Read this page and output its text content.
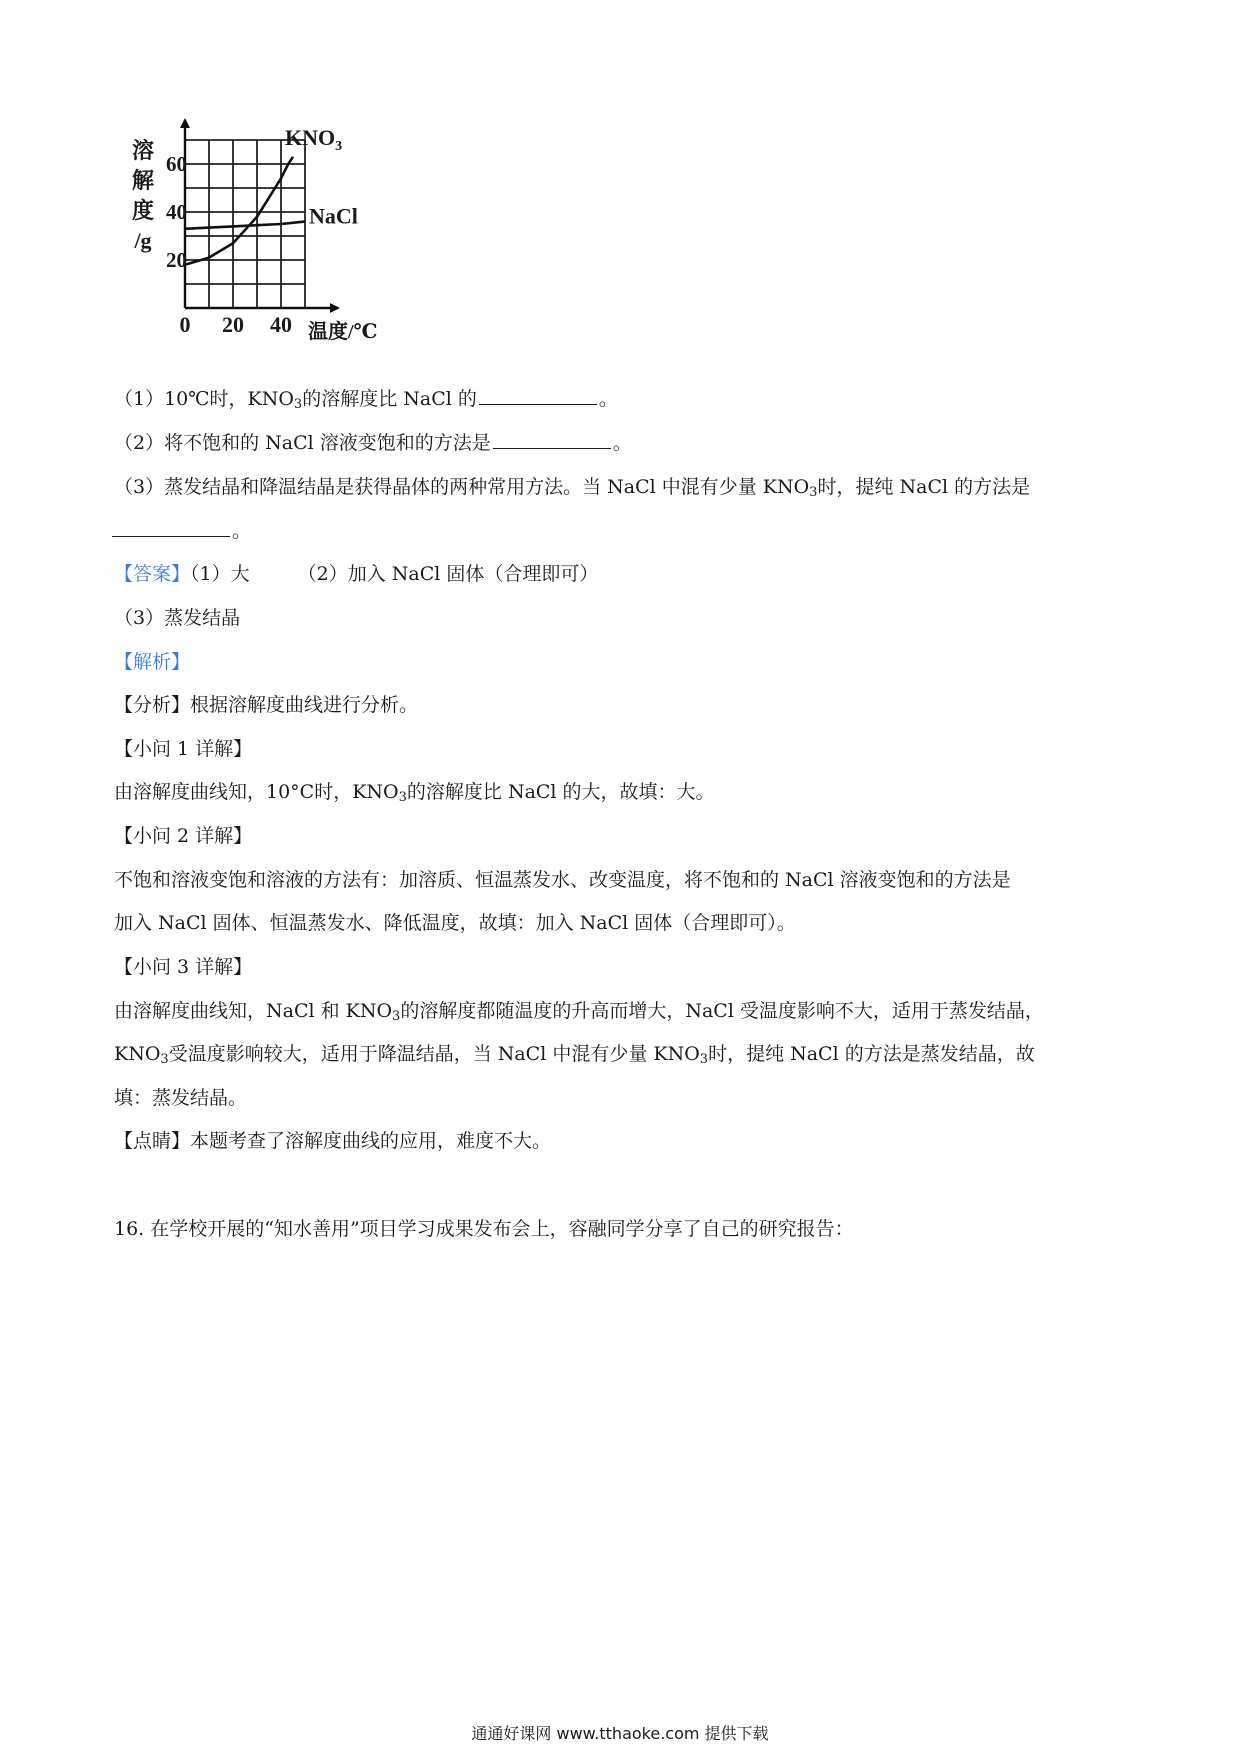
0 20 40
20
40
60
溶
解
度
/g
温度/℃
$KNO_3$
NaCl
（1）10℃时，$KNO_3$的溶解度比 NaCl 的	。
（2）将不饱和的 NaCl 溶液变饱和的方法是	。
（3）蒸发结晶和降温结晶是获得晶体的两种常用方法。当 NaCl 中混有少量 $KNO_3$时，提纯 NaCl 的方法是
。
【答案】（1）大	（2）加入 NaCl 固体（合理即可）
（3）蒸发结晶
【解析】
【分析】根据溶解度曲线进行分析。
【小问 1 详解】
由溶解度曲线知，10°C时，$KNO_3$的溶解度比 NaCl 的大，故填：大。
【小问 2 详解】
不饱和溶液变饱和溶液的方法有：加溶质、恒温蒸发水、改变温度，将不饱和的 NaCl 溶液变饱和的方法是
加入 NaCl 固体、恒温蒸发水、降低温度，故填：加入 NaCl 固体（合理即可）。
【小问 3 详解】
由溶解度曲线知，NaCl 和 $KNO_3$的溶解度都随温度的升高而增大，NaCl 受温度影响不大，适用于蒸发结晶，
$KNO_3$受温度影响较大，适用于降温结晶，当 NaCl 中混有少量 $KNO_3$时，提纯 NaCl 的方法是蒸发结晶，故
填：蒸发结晶。
【点睛】本题考查了溶解度曲线的应用，难度不大。
16. 在学校开展的“知水善用”项目学习成果发布会上，容融同学分享了自己的研究报告：
通通好课网 www.tthaoke.com 提供下载
